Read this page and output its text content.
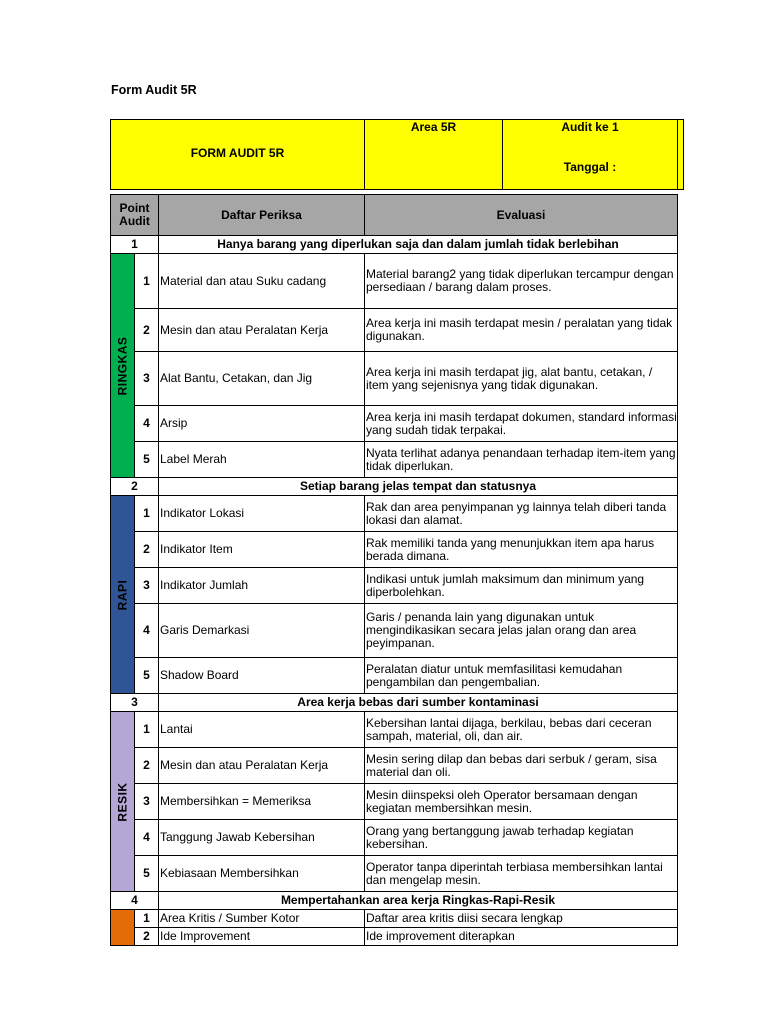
Form Audit 5R
FORM AUDIT 5R

Area 5R	Audit ke 1
Tanggal :

Point Audit		Daftar Periksa	Evaluasi
1		Hanya barang yang diperlukan saja dan dalam jumlah tidak berlebihan	

RINGKAS	1	Material dan atau Suku cadang	Material barang2 yang tidak diperlukan tercampur dengan persediaan / barang dalam proses.
	2	Mesin dan atau Peralatan Kerja	Area kerja ini masih terdapat mesin / peralatan yang tidak digunakan.
	3	Alat Bantu, Cetakan, dan Jig	Area kerja ini masih terdapat jig, alat bantu, cetakan, / item yang sejenisnya yang tidak digunakan.
	4	Arsip	Area kerja ini masih terdapat dokumen, standard informasi yang sudah tidak terpakai.
	5	Label Merah	Nyata terlihat adanya penandaan terhadap item-item yang tidak diperlukan.
2		Setiap barang jelas tempat dan statusnya	

RAPI	1	Indikator Lokasi	Rak dan area penyimpanan yg lainnya telah diberi tanda lokasi dan alamat.
	2	Indikator Item	Rak memiliki tanda yang menunjukkan item apa harus berada dimana.
	3	Indikator Jumlah	Indikasi untuk jumlah maksimum dan minimum yang diperbolehkan.
	4	Garis Demarkasi	Garis / penanda lain yang digunakan untuk mengindikasikan secara jelas jalan orang dan area peyimpanan.
	5	Shadow Board	Peralatan diatur untuk memfasilitasi kemudahan pengambilan dan pengembalian.
3		Area kerja bebas dari sumber kontaminasi	

RESIK	1	Lantai	Kebersihan lantai dijaga, berkilau, bebas dari ceceran sampah, material, oli, dan air.
	2	Mesin dan atau Peralatan Kerja	Mesin sering dilap dan bebas dari serbuk / geram, sisa material dan oli.
	3	Membersihkan = Memeriksa	Mesin diinspeksi oleh Operator bersamaan dengan kegiatan membersihkan mesin.
	4	Tanggung Jawab Kebersihan	Orang yang bertanggung jawab terhadap kegiatan kebersihan.
	5	Kebiasaan Membersihkan	Operator tanpa diperintah terbiasa membersihkan lantai dan mengelap mesin.
4		Mempertahankan area kerja Ringkas-Rapi-Resik	

	1	Area Kritis / Sumber Kotor	Daftar area kritis diisi secara lengkap
	2	Ide Improvement	Ide improvement diterapkan
